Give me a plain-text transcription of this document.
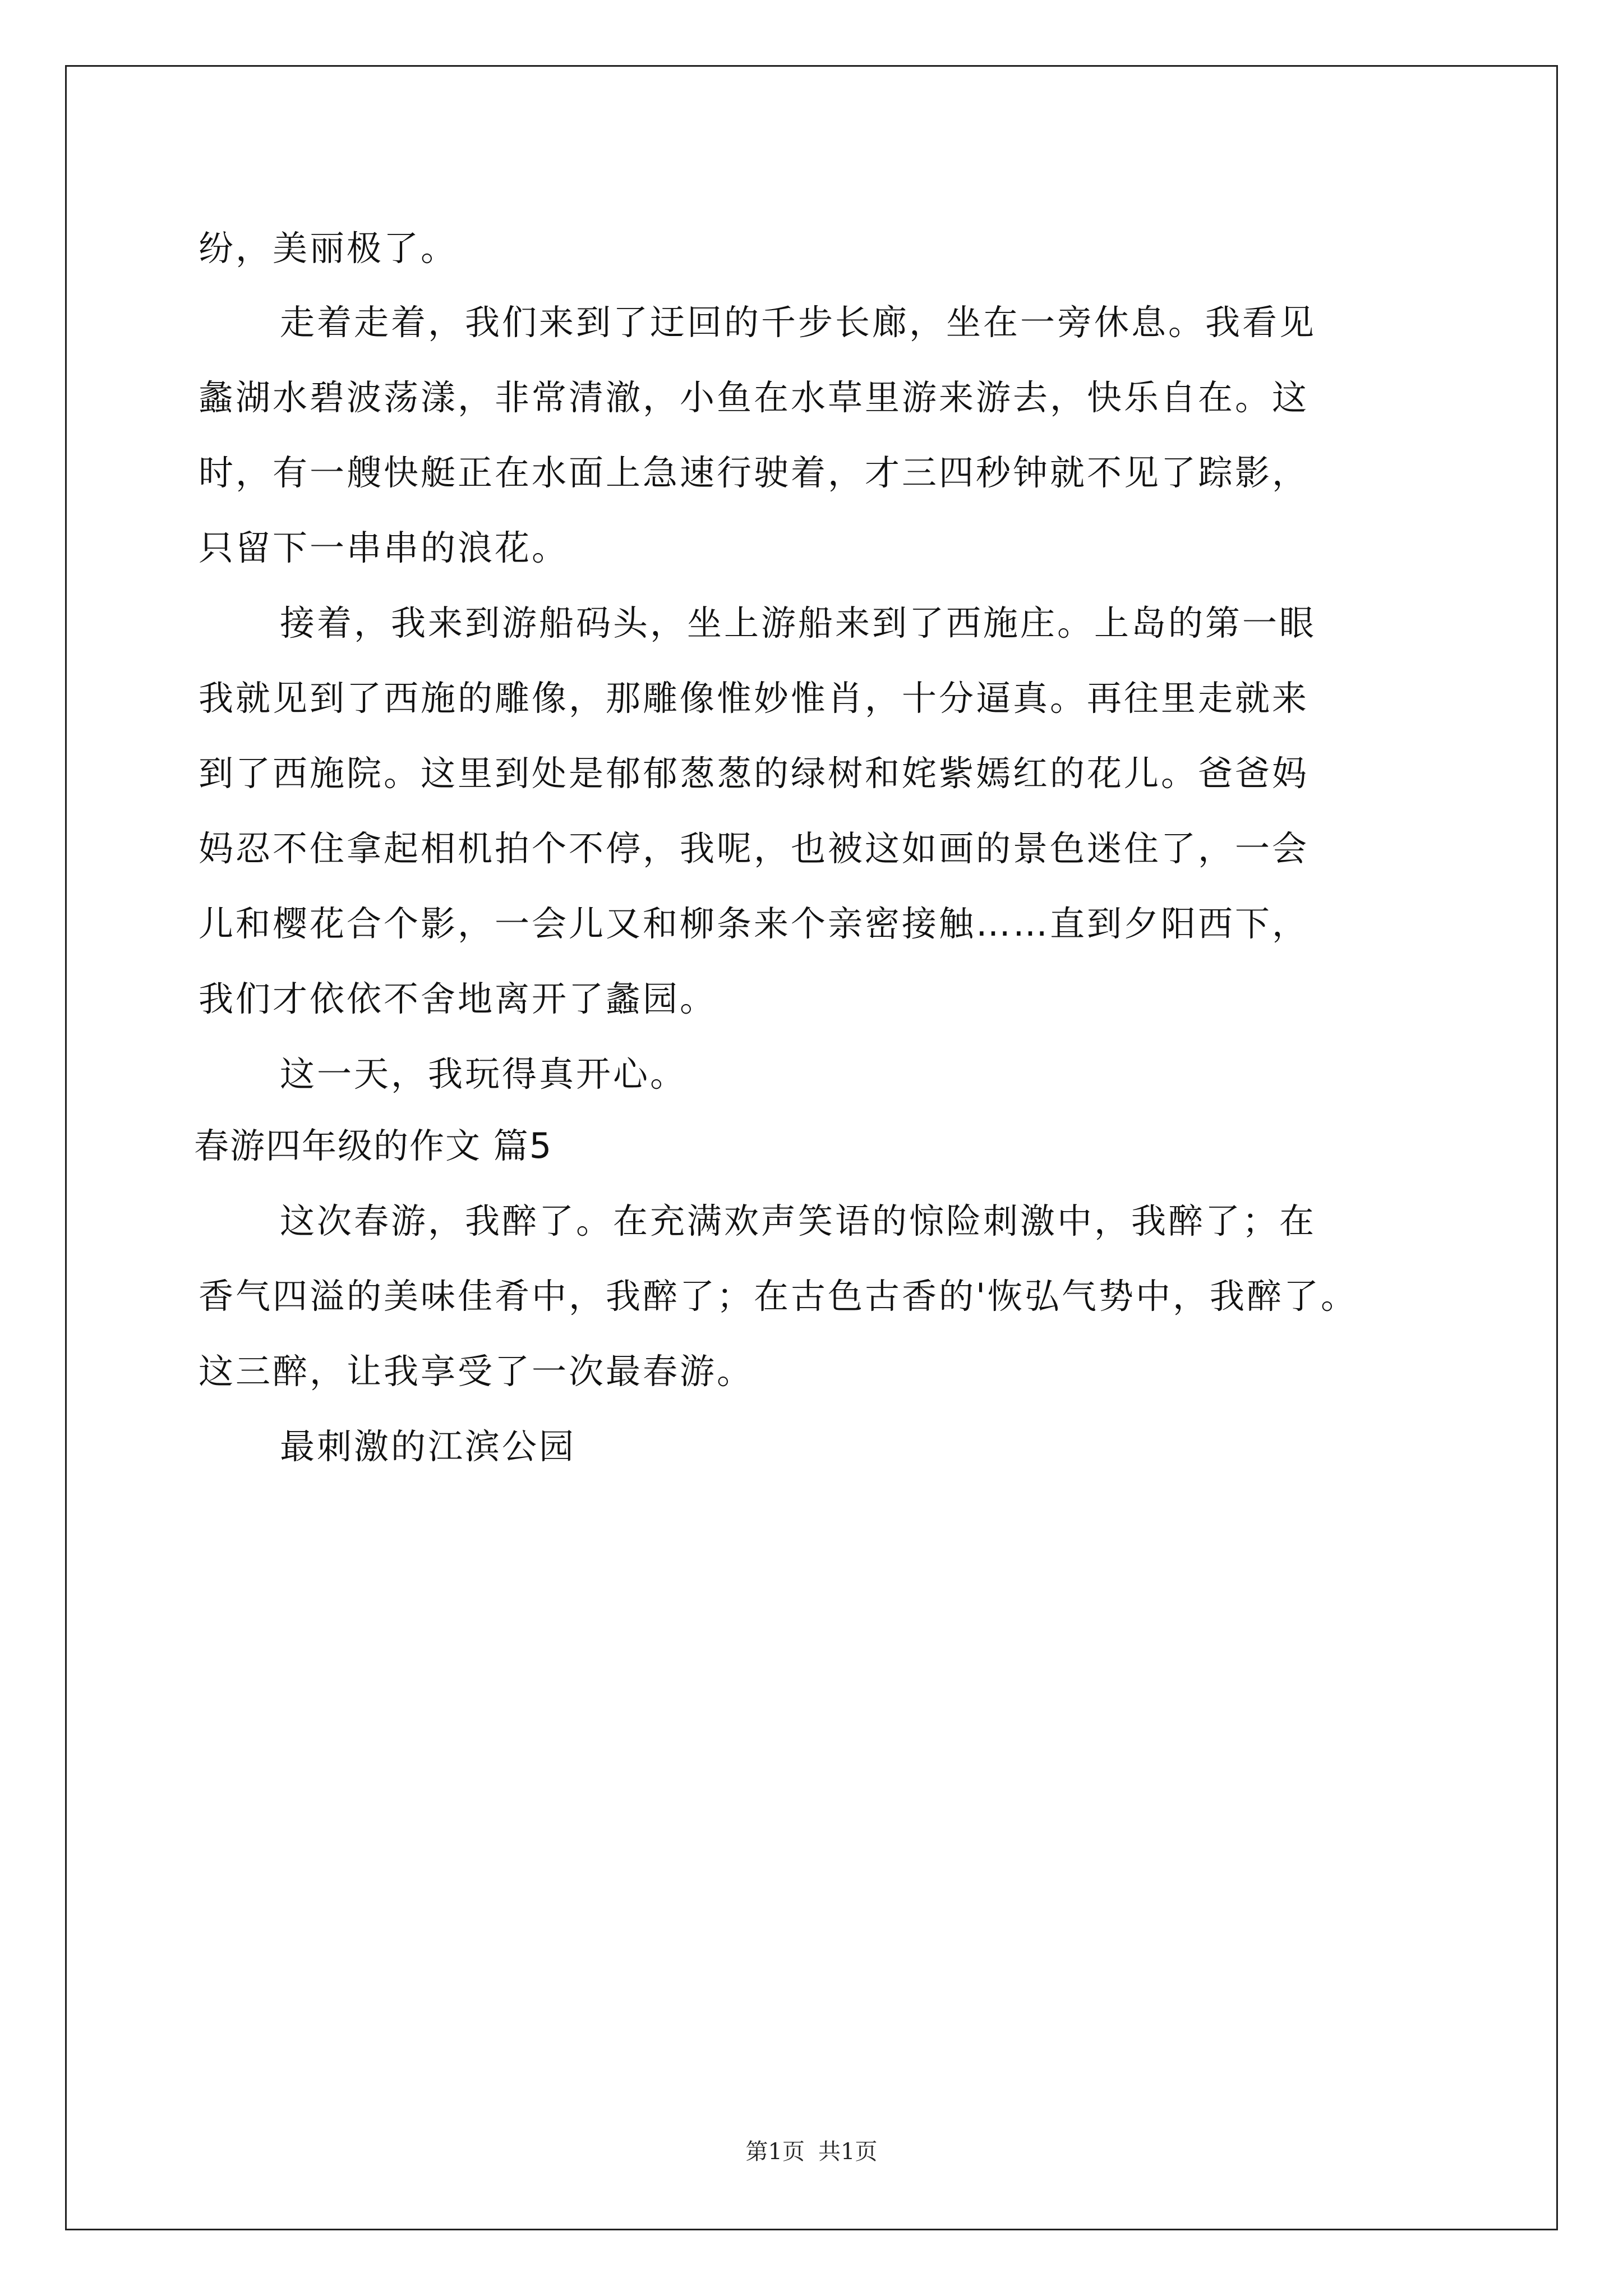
纷，美丽极了。
走着走着，我们来到了迂回的千步长廊，坐在一旁休息。我看见
蠡湖水碧波荡漾，非常清澈，小鱼在水草里游来游去，快乐自在。这
时，有一艘快艇正在水面上急速行驶着，才三四秒钟就不见了踪影，
只留下一串串的浪花。
接着，我来到游船码头，坐上游船来到了西施庄。上岛的第一眼
我就见到了西施的雕像，那雕像惟妙惟肖，十分逼真。再往里走就来
到了西施院。这里到处是郁郁葱葱的绿树和姹紫嫣红的花儿。爸爸妈
妈忍不住拿起相机拍个不停，我呢，也被这如画的景色迷住了，一会
儿和樱花合个影，一会儿又和柳条来个亲密接触……直到夕阳西下，
我们才依依不舍地离开了蠡园。
这一天，我玩得真开心。
春游四年级的作文 篇5
这次春游，我醉了。在充满欢声笑语的惊险刺激中，我醉了；在
香气四溢的美味佳肴中，我醉了；在古色古香的'恢弘气势中，我醉了。
这三醉，让我享受了一次最春游。
最刺激的江滨公园
第1页 共1页
